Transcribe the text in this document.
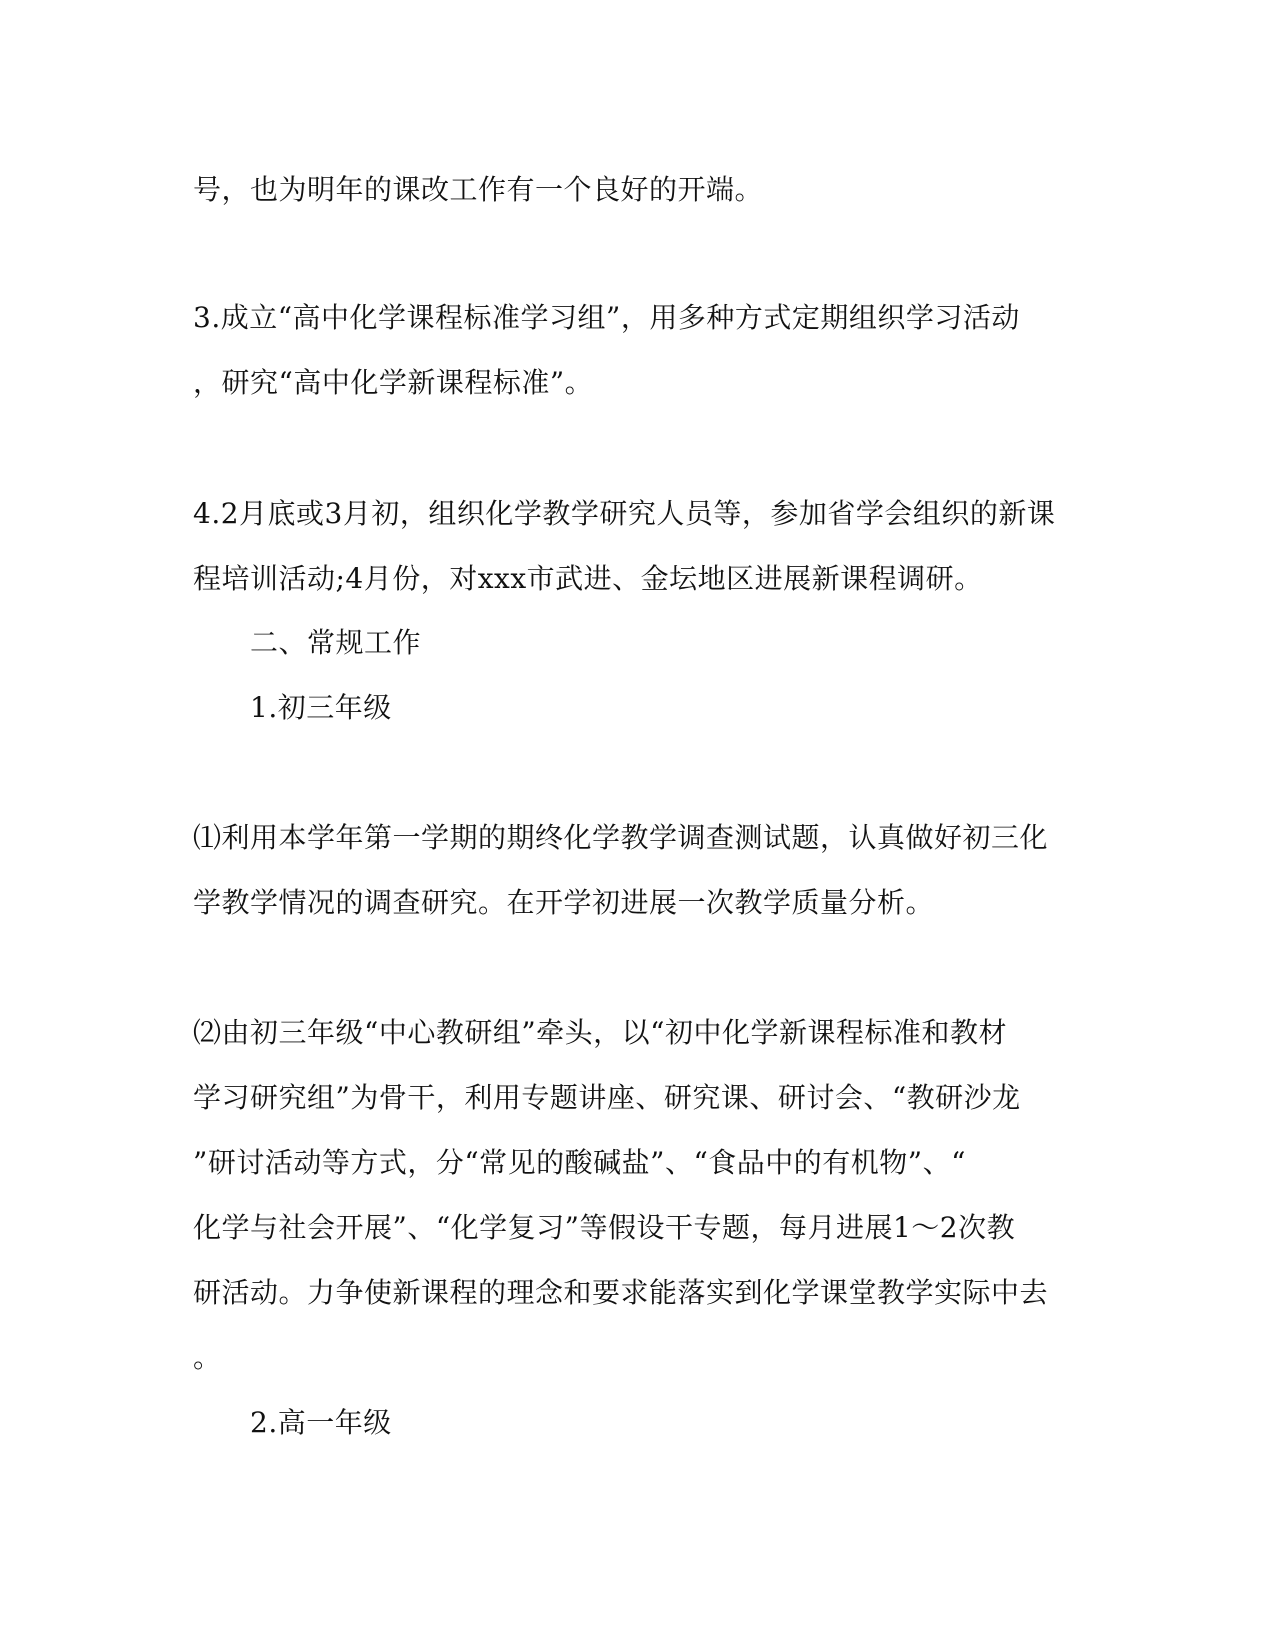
号，也为明年的课改工作有一个良好的开端。
3.成立“高中化学课程标准学习组”，用多种方式定期组织学习活动
，研究“高中化学新课程标准”。
4.2月底或3月初，组织化学教学研究人员等，参加省学会组织的新课
程培训活动;4月份，对xxx市武进、金坛地区进展新课程调研。
二、常规工作
1.初三年级
⑴利用本学年第一学期的期终化学教学调查测试题，认真做好初三化
学教学情况的调查研究。在开学初进展一次教学质量分析。
⑵由初三年级“中心教研组”牵头，以“初中化学新课程标准和教材
学习研究组”为骨干，利用专题讲座、研究课、研讨会、“教研沙龙
”研讨活动等方式，分“常见的酸碱盐”、“食品中的有机物”、“
化学与社会开展”、“化学复习”等假设干专题，每月进展1～2次教
研活动。力争使新课程的理念和要求能落实到化学课堂教学实际中去
。
2.高一年级
